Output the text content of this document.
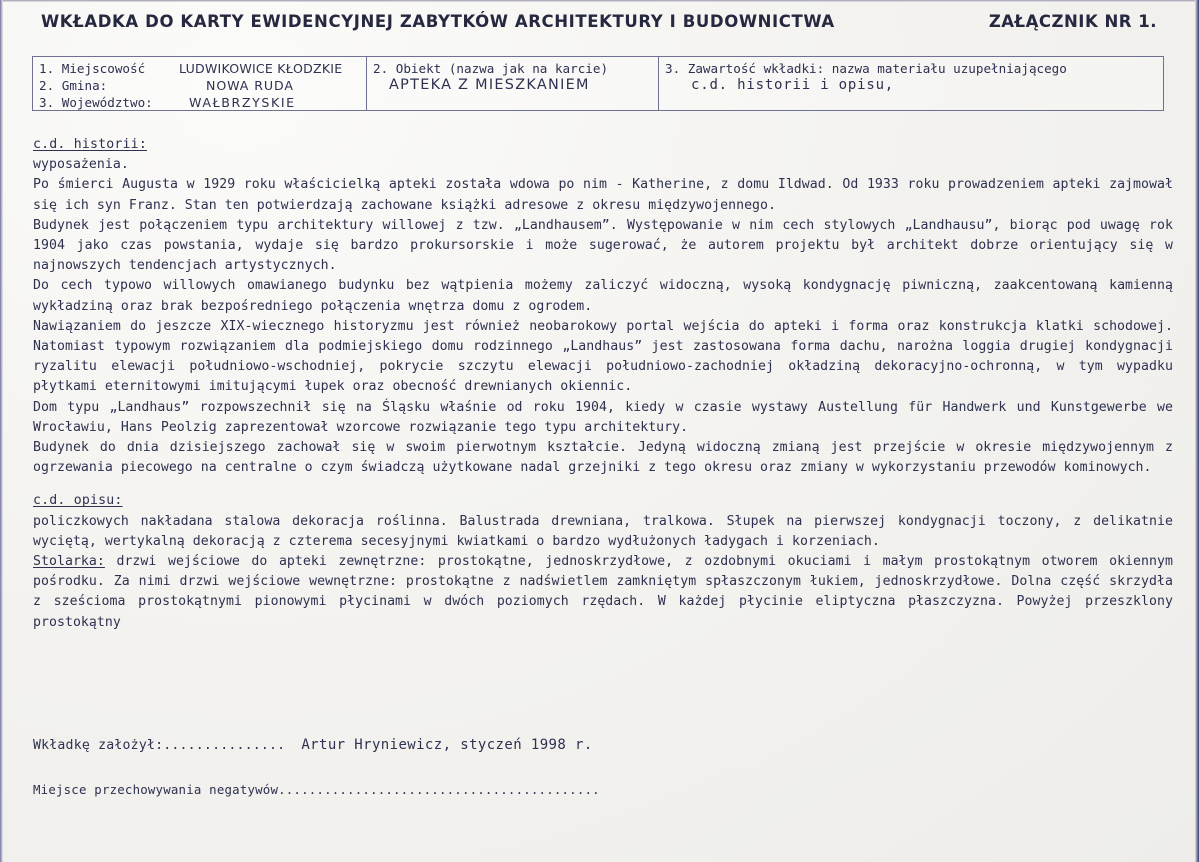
WKŁADKA DO KARTY EWIDENCYJNEJ ZABYTKÓW ARCHITEKTURY I BUDOWNICTWA	ZAŁĄCZNIK NR 1.
1. Miejscowość	LUDWIKOWICE KŁODZKIE
2. Gmina:	NOWA RUDA
3. Województwo:	WAŁBRZYSKIE
2. Obiekt (nazwa jak na karcie)
APTEKA Z MIESZKANIEM
3. Zawartość wkładki: nazwa materiału uzupełniającego
c.d. historii i opisu,
c.d. historii:

wyposażenia.

Po śmierci Augusta w 1929 roku właścicielką apteki została wdowa po nim - Katherine, z domu Ildwad. Od 1933 roku prowadzeniem apteki zajmował się ich syn Franz. Stan ten potwierdzają zachowane książki adresowe z okresu międzywojennego.

Budynek jest połączeniem typu architektury willowej z tzw. „Landhausem”. Występowanie w nim cech stylowych „Landhausu”, biorąc pod uwagę rok 1904 jako czas powstania, wydaje się bardzo prokursorskie i może sugerować, że autorem projektu był architekt dobrze orientujący się w najnowszych tendencjach artystycznych.

Do cech typowo willowych omawianego budynku bez wątpienia możemy zaliczyć widoczną, wysoką kondygnację piwniczną, zaakcentowaną kamienną wykładziną oraz brak bezpośredniego połączenia wnętrza domu z ogrodem.

Nawiązaniem do jeszcze XIX-wiecznego historyzmu jest również neobarokowy portal wejścia do apteki i forma oraz konstrukcja klatki schodowej. Natomiast typowym rozwiązaniem dla podmiejskiego domu rodzinnego „Landhaus” jest zastosowana forma dachu, narożna loggia drugiej kondygnacji ryzalitu elewacji południowo-wschodniej, pokrycie szczytu elewacji południowo-zachodniej okładziną dekoracyjno-ochronną, w tym wypadku płytkami eternitowymi imitującymi łupek oraz obecność drewnianych okiennic.

Dom typu „Landhaus” rozpowszechnił się na Śląsku właśnie od roku 1904, kiedy w czasie wystawy Austellung für Handwerk und Kunstgewerbe we Wrocławiu, Hans Peolzig zaprezentował wzorcowe rozwiązanie tego typu architektury.

Budynek do dnia dzisiejszego zachował się w swoim pierwotnym kształcie. Jedyną widoczną zmianą jest przejście w okresie międzywojennym z ogrzewania piecowego na centralne o czym świadczą użytkowane nadal grzejniki z tego okresu oraz zmiany w wykorzystaniu przewodów kominowych.

c.d. opisu:

policzkowych nakładana stalowa dekoracja roślinna. Balustrada drewniana, tralkowa. Słupek na pierwszej kondygnacji toczony, z delikatnie wyciętą, wertykalną dekoracją z czterema secesyjnymi kwiatkami o bardzo wydłużonych ładygach i korzeniach.

Stolarka: drzwi wejściowe do apteki zewnętrzne: prostokątne, jednoskrzydłowe, z ozdobnymi okuciami i małym prostokątnym otworem okiennym pośrodku. Za nimi drzwi wejściowe wewnętrzne: prostokątne z nadświetlem zamkniętym spłaszczonym łukiem, jednoskrzydłowe. Dolna część skrzydła z sześcioma prostokątnymi pionowymi płycinami w dwóch poziomych rzędach. W każdej płycinie eliptyczna płaszczyzna. Powyżej przeszklony prostokątny

Wkładkę założył:............... Artur Hryniewicz, styczeń 1998 r.
Miejsce przechowywania negatywów..........................................
